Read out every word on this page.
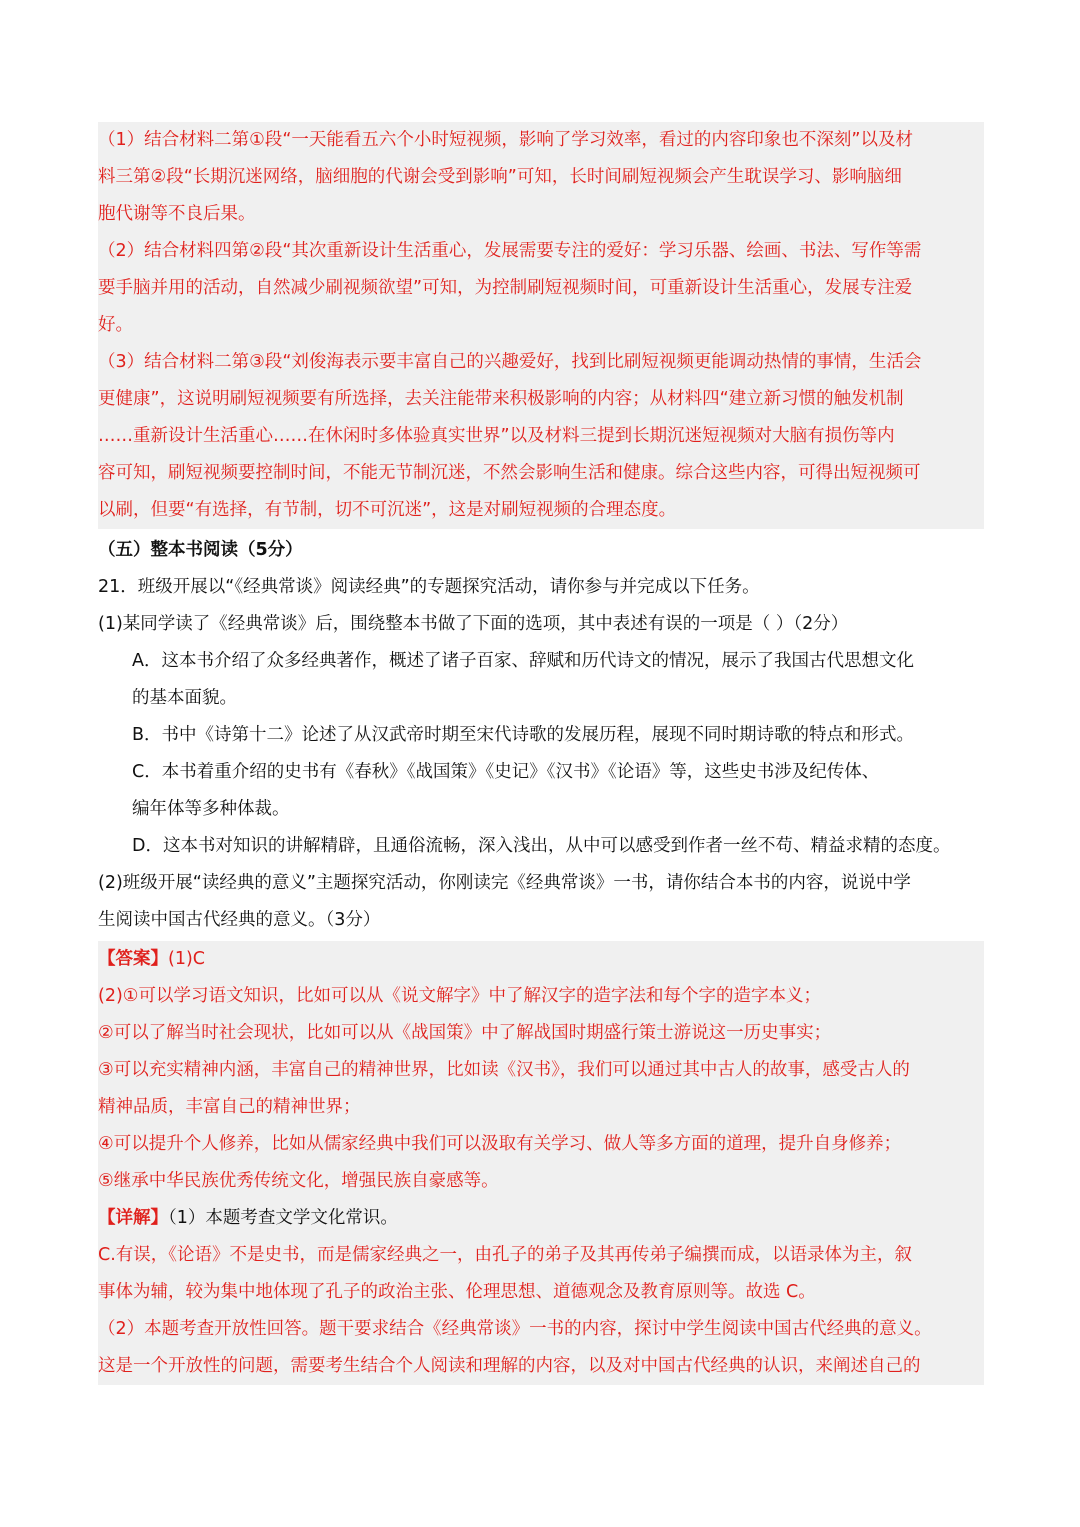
（1）结合材料二第①段“一天能看五六个小时短视频，影响了学习效率，看过的内容印象也不深刻”以及材
料三第②段“长期沉迷网络，脑细胞的代谢会受到影响”可知，长时间刷短视频会产生耽误学习、影响脑细
胞代谢等不良后果。
（2）结合材料四第②段“其次重新设计生活重心，发展需要专注的爱好：学习乐器、绘画、书法、写作等需
要手脑并用的活动，自然减少刷视频欲望”可知，为控制刷短视频时间，可重新设计生活重心，发展专注爱
好。
（3）结合材料二第③段“刘俊海表示要丰富自己的兴趣爱好，找到比刷短视频更能调动热情的事情，生活会
更健康”，这说明刷短视频要有所选择，去关注能带来积极影响的内容；从材料四“建立新习惯的触发机制
……重新设计生活重心……在休闲时多体验真实世界”以及材料三提到长期沉迷短视频对大脑有损伤等内
容可知，刷短视频要控制时间，不能无节制沉迷，不然会影响生活和健康。综合这些内容，可得出短视频可
以刷，但要“有选择，有节制，切不可沉迷”，这是对刷短视频的合理态度。
（五）整本书阅读（5分）
21．班级开展以“《经典常谈》阅读经典”的专题探究活动，请你参与并完成以下任务。
(1)某同学读了《经典常谈》后，围绕整本书做了下面的选项，其中表述有误的一项是（ ）（2分）
A．这本书介绍了众多经典著作，概述了诸子百家、辞赋和历代诗文的情况，展示了我国古代思想文化
的基本面貌。
B．书中《诗第十二》论述了从汉武帝时期至宋代诗歌的发展历程，展现不同时期诗歌的特点和形式。
C．本书着重介绍的史书有《春秋》《战国策》《史记》《汉书》《论语》等，这些史书涉及纪传体、
编年体等多种体裁。
D．这本书对知识的讲解精辟，且通俗流畅，深入浅出，从中可以感受到作者一丝不苟、精益求精的态度。
(2)班级开展“读经典的意义”主题探究活动，你刚读完《经典常谈》一书，请你结合本书的内容，说说中学
生阅读中国古代经典的意义。（3分）
【答案】(1)C
(2)①可以学习语文知识，比如可以从《说文解字》中了解汉字的造字法和每个字的造字本义；
②可以了解当时社会现状，比如可以从《战国策》中了解战国时期盛行策士游说这一历史事实；
③可以充实精神内涵，丰富自己的精神世界，比如读《汉书》，我们可以通过其中古人的故事，感受古人的
精神品质，丰富自己的精神世界；
④可以提升个人修养，比如从儒家经典中我们可以汲取有关学习、做人等多方面的道理，提升自身修养；
⑤继承中华民族优秀传统文化，增强民族自豪感等。
【详解】（1）本题考查文学文化常识。
C.有误，《论语》不是史书，而是儒家经典之一，由孔子的弟子及其再传弟子编撰而成，以语录体为主，叙
事体为辅，较为集中地体现了孔子的政治主张、伦理思想、道德观念及教育原则等。故选 C。
（2）本题考查开放性回答。题干要求结合《经典常谈》一书的内容，探讨中学生阅读中国古代经典的意义。
这是一个开放性的问题，需要考生结合个人阅读和理解的内容，以及对中国古代经典的认识，来阐述自己的
